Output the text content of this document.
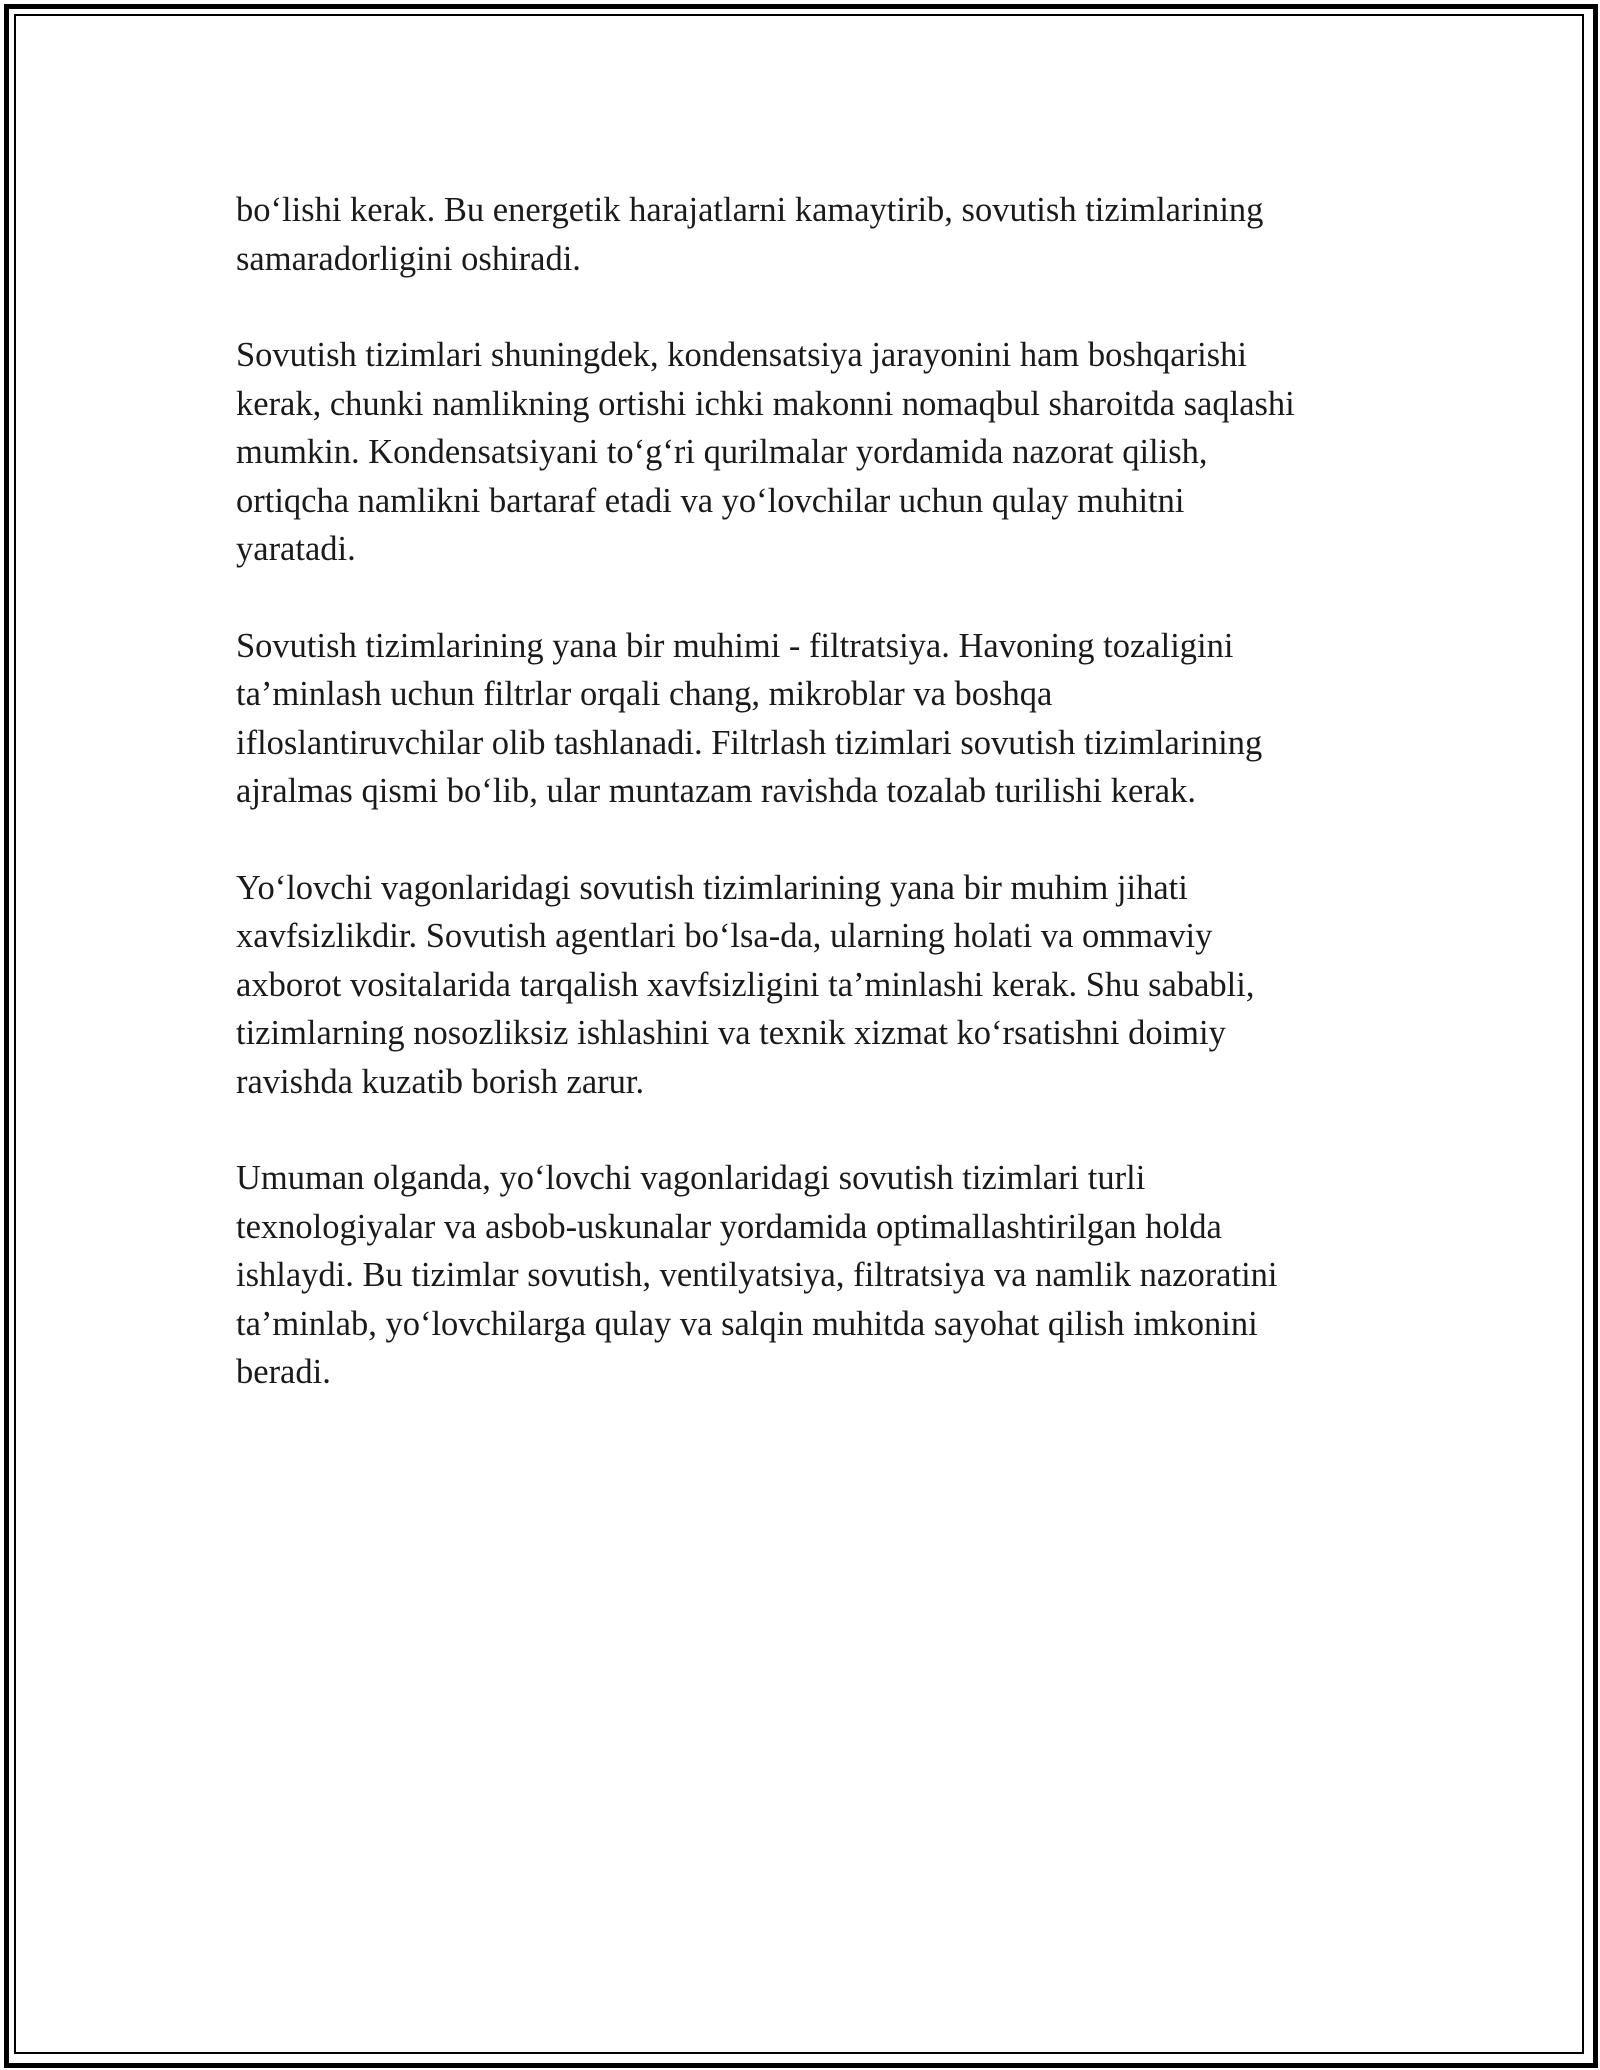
bo‘lishi kerak. Bu energetik harajatlarni kamaytirib, sovutish tizimlarining
samaradorligini oshiradi.

Sovutish tizimlari shuningdek, kondensatsiya jarayonini ham boshqarishi
kerak, chunki namlikning ortishi ichki makonni nomaqbul sharoitda saqlashi
mumkin. Kondensatsiyani to‘g‘ri qurilmalar yordamida nazorat qilish,
ortiqcha namlikni bartaraf etadi va yo‘lovchilar uchun qulay muhitni
yaratadi.

Sovutish tizimlarining yana bir muhimi - filtratsiya. Havoning tozaligini
ta’minlash uchun filtrlar orqali chang, mikroblar va boshqa
ifloslantiruvchilar olib tashlanadi. Filtrlash tizimlari sovutish tizimlarining
ajralmas qismi bo‘lib, ular muntazam ravishda tozalab turilishi kerak.

Yo‘lovchi vagonlaridagi sovutish tizimlarining yana bir muhim jihati
xavfsizlikdir. Sovutish agentlari bo‘lsa-da, ularning holati va ommaviy
axborot vositalarida tarqalish xavfsizligini ta’minlashi kerak. Shu sababli,
tizimlarning nosozliksiz ishlashini va texnik xizmat ko‘rsatishni doimiy
ravishda kuzatib borish zarur.

Umuman olganda, yo‘lovchi vagonlaridagi sovutish tizimlari turli
texnologiyalar va asbob-uskunalar yordamida optimallashtirilgan holda
ishlaydi. Bu tizimlar sovutish, ventilyatsiya, filtratsiya va namlik nazoratini
ta’minlab, yo‘lovchilarga qulay va salqin muhitda sayohat qilish imkonini
beradi.
